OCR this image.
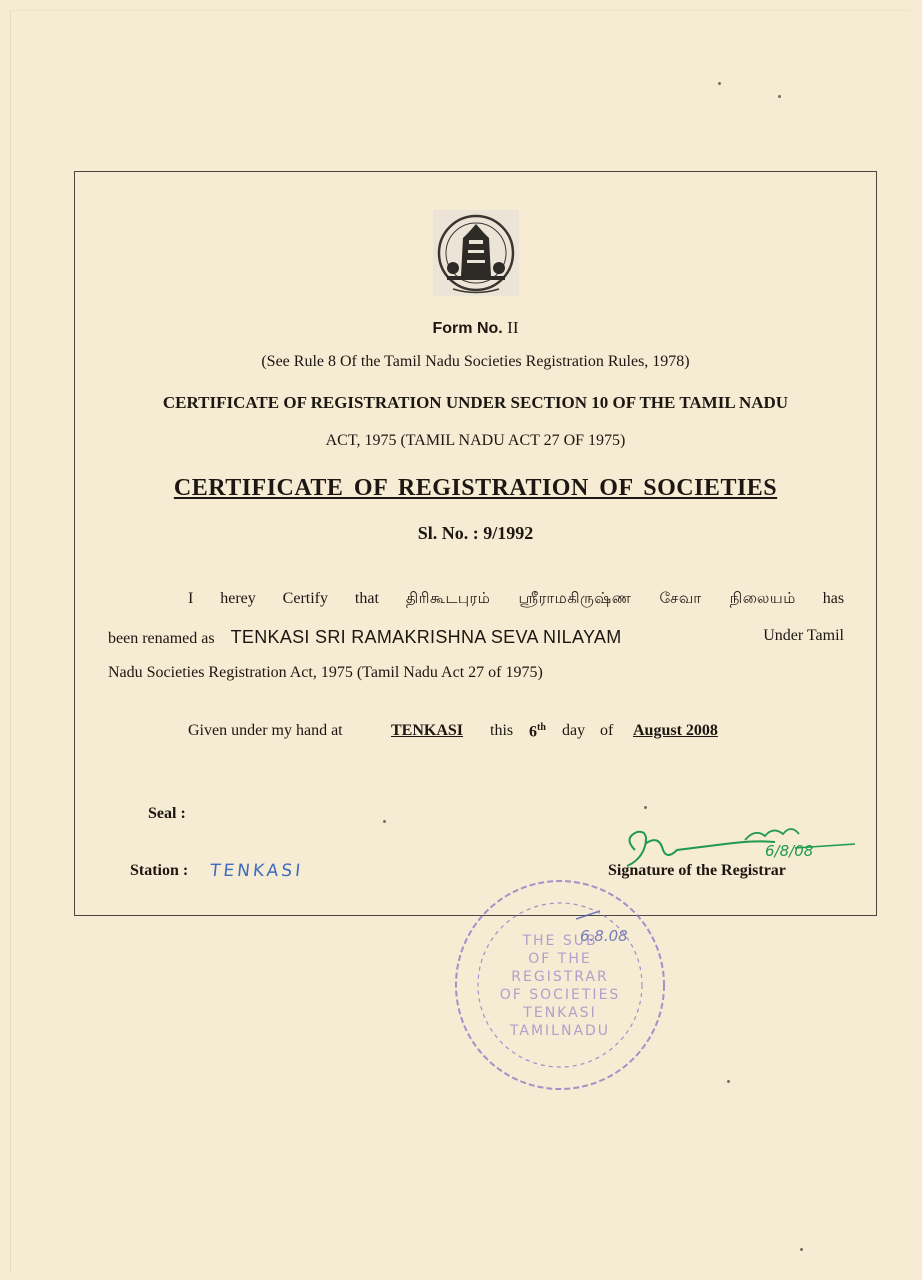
Form No. II
(See Rule 8 Of the Tamil Nadu Societies Registration Rules, 1978)
CERTIFICATE OF REGISTRATION UNDER SECTION 10 OF THE TAMIL NADU
ACT, 1975 (TAMIL NADU ACT 27 OF 1975)
CERTIFICATE OF REGISTRATION OF SOCIETIES
Sl. No. : 9/1992
I herey Certify that திரிகூடபுரம் ஸ்ரீராமகிருஷ்ண சேவா நிலையம் has
been renamed as TENKASI SRI RAMAKRISHNA SEVA NILAYAM	Under Tamil
Nadu Societies Registration Act, 1975 (Tamil Nadu Act 27 of 1975)
Given under my hand at	TENKASI this 6th day of August 2008
Seal :
Station : TENKASI
6/8/08
Signature of the Registrar
THE SUB
OF THE
REGISTRAR
OF SOCIETIES
TENKASI
TAMILNADU
6.8.08
